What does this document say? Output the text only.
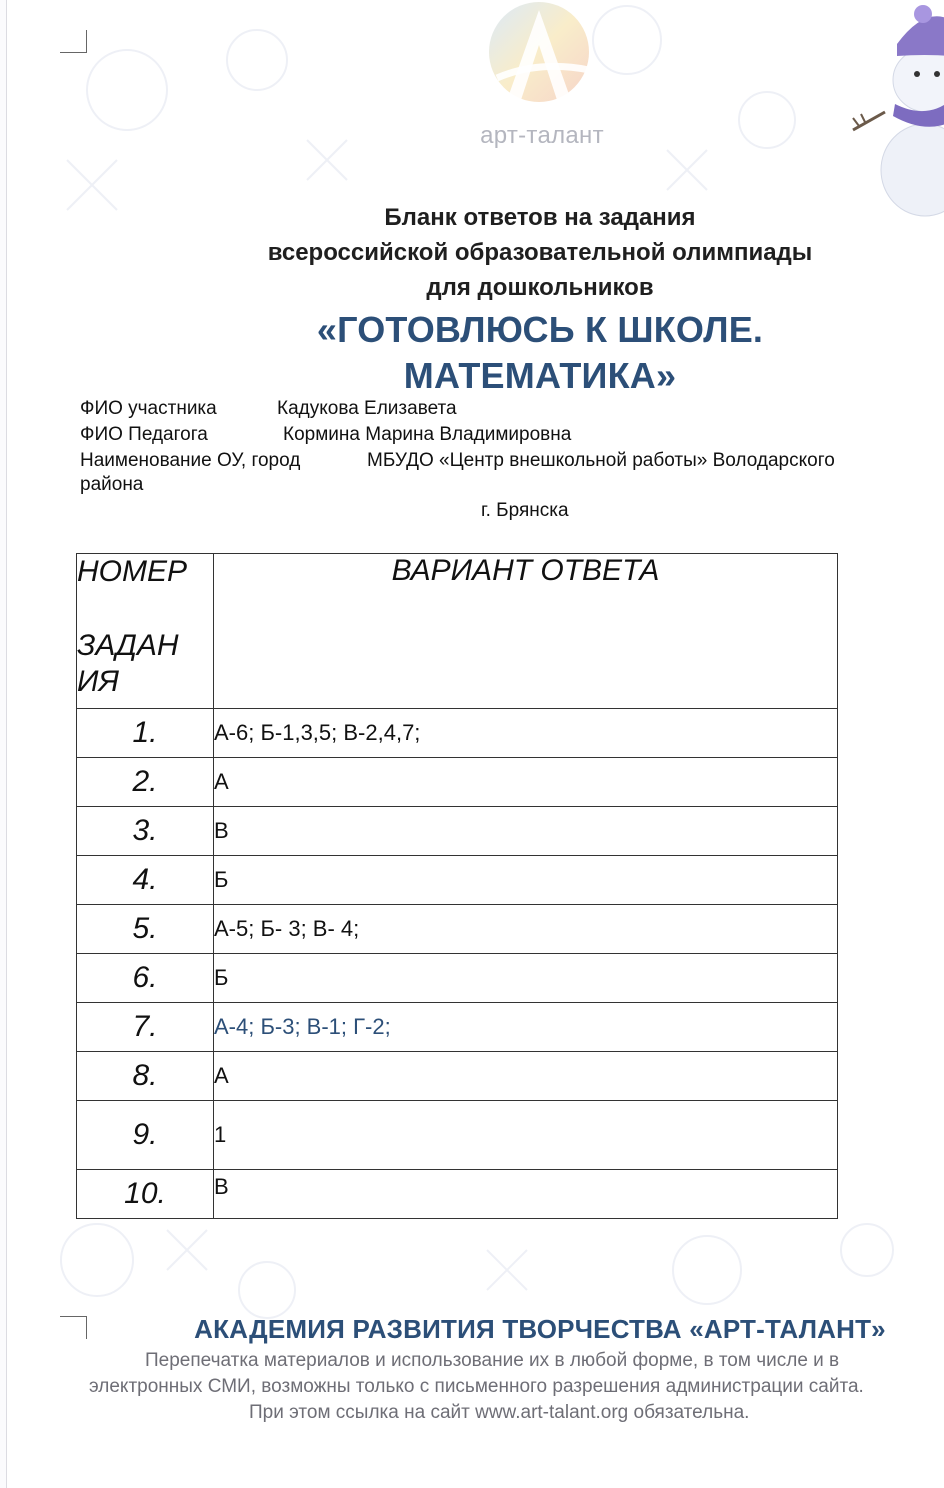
арт-талант

Бланк ответов на задания

всероссийской образовательной олимпиады

для дошкольников

«ГОТОВЛЮСЬ К ШКОЛЕ.

МАТЕМАТИКА»

ФИО участника	Кадукова Елизавета
ФИО Педагога	Кормина Марина Владимировна
Наименование ОУ, город	МБУДО «Центр внешкольной работы» Володарского
района
г. Брянска
НОМЕР
ЗАДАН
ИЯ	ВАРИАНТ ОТВЕТА
1.	А-6; Б-1,3,5; В-2,4,7;
2.	А
3.	В
4.	Б
5.	А-5; Б- 3; В- 4;
6.	Б
7.	А-4; Б-3; В-1; Г-2;
8.	А
9.	1
10.	В
АКАДЕМИЯ РАЗВИТИЯ ТВОРЧЕСТВА «АРТ-ТАЛАНТ»
Перепечатка материалов и использование их в любой форме, в том числе и в
электронных СМИ, возможны только с письменного разрешения администрации сайта.
При этом ссылка на сайт www.art-talant.org обязательна.
